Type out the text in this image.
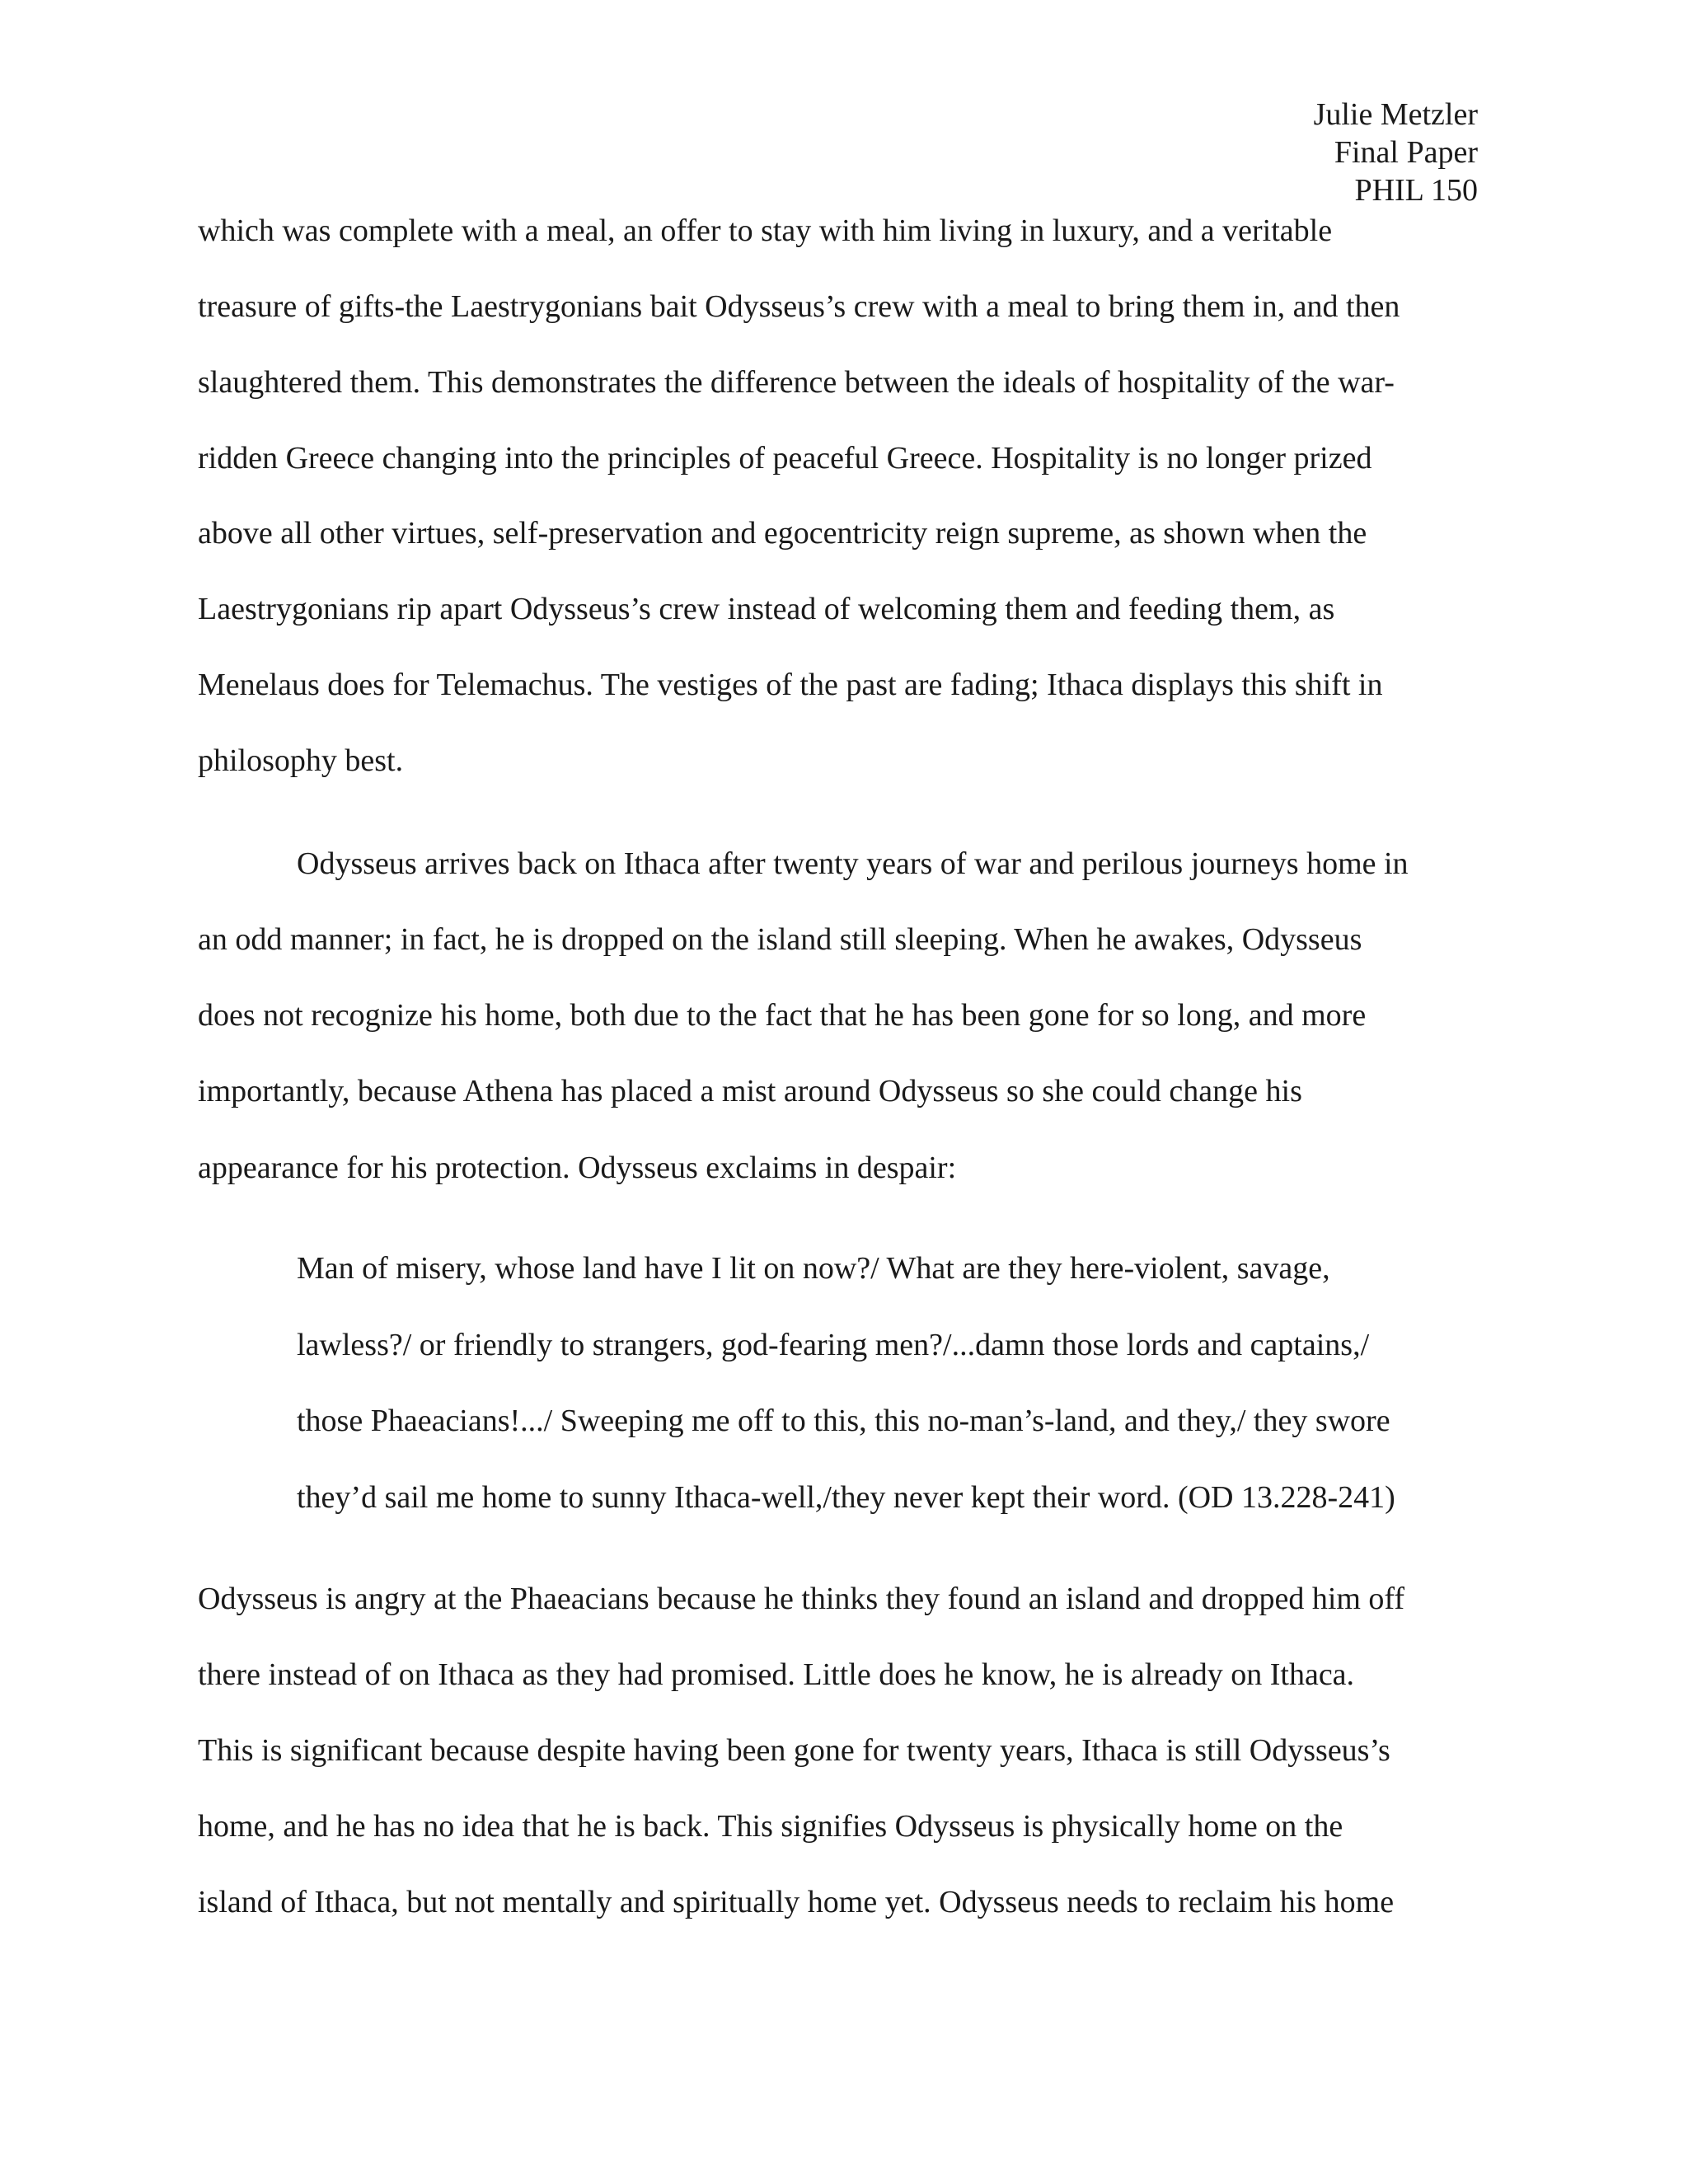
Julie Metzler
Final Paper
PHIL 150
which was complete with a meal, an offer to stay with him living in luxury, and a veritable
treasure of gifts-the Laestrygonians bait Odysseus’s crew with a meal to bring them in, and then
slaughtered them. This demonstrates the difference between the ideals of hospitality of the war-
ridden Greece changing into the principles of peaceful Greece. Hospitality is no longer prized
above all other virtues, self-preservation and egocentricity reign supreme, as shown when the
Laestrygonians rip apart Odysseus’s crew instead of welcoming them and feeding them, as
Menelaus does for Telemachus. The vestiges of the past are fading; Ithaca displays this shift in
philosophy best.
Odysseus arrives back on Ithaca after twenty years of war and perilous journeys home in
an odd manner; in fact, he is dropped on the island still sleeping. When he awakes, Odysseus
does not recognize his home, both due to the fact that he has been gone for so long, and more
importantly, because Athena has placed a mist around Odysseus so she could change his
appearance for his protection. Odysseus exclaims in despair:
Man of misery, whose land have I lit on now?/ What are they here-violent, savage,
lawless?/ or friendly to strangers, god-fearing men?/...damn those lords and captains,/
those Phaeacians!.../ Sweeping me off to this, this no-man’s-land, and they,/ they swore
they’d sail me home to sunny Ithaca-well,/they never kept their word. (OD 13.228-241)
Odysseus is angry at the Phaeacians because he thinks they found an island and dropped him off
there instead of on Ithaca as they had promised. Little does he know, he is already on Ithaca.
This is significant because despite having been gone for twenty years, Ithaca is still Odysseus’s
home, and he has no idea that he is back. This signifies Odysseus is physically home on the
island of Ithaca, but not mentally and spiritually home yet. Odysseus needs to reclaim his home
